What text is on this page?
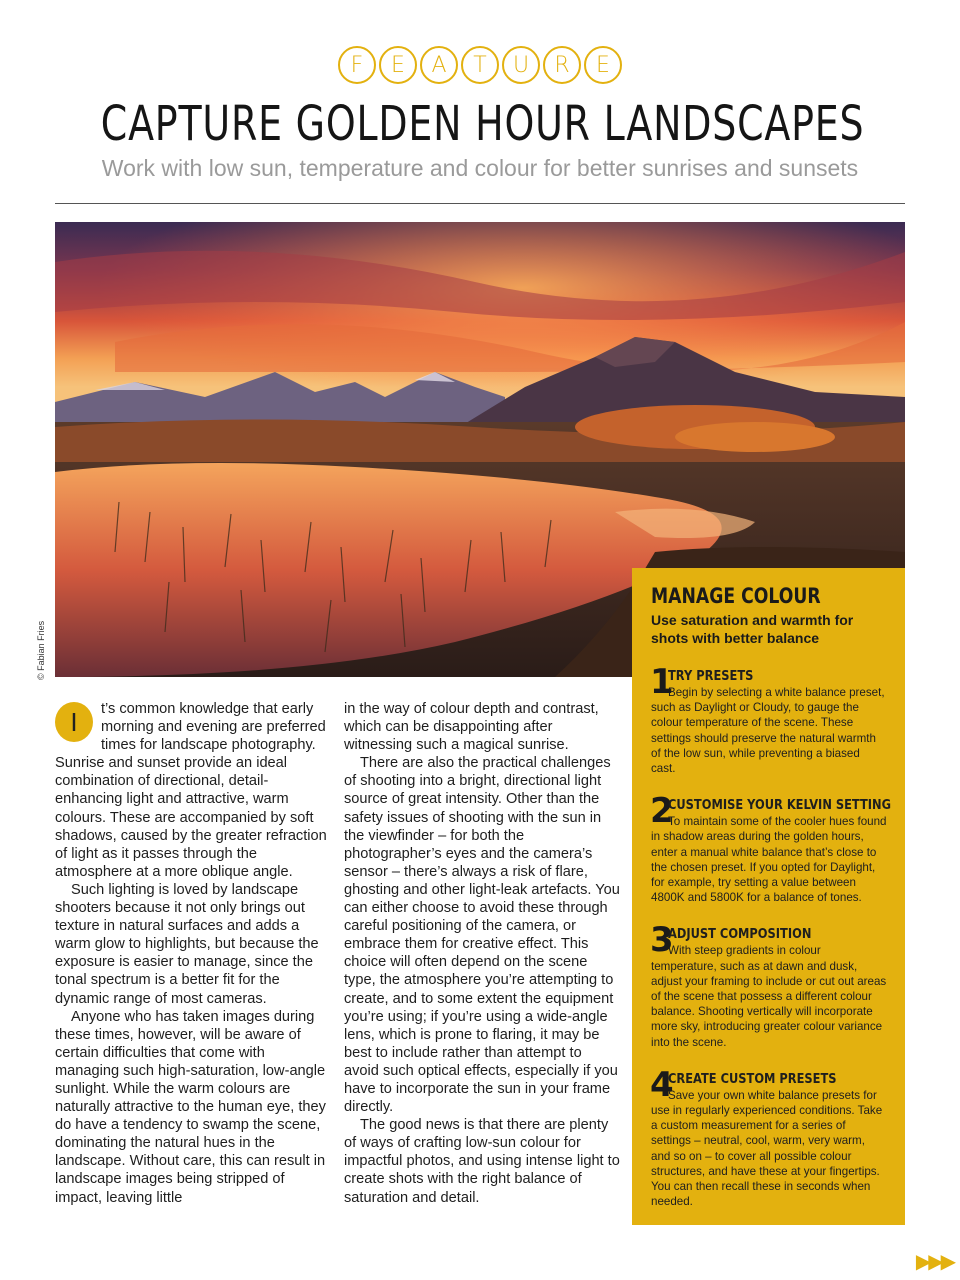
F	E	A	T	U	R	E
CAPTURE GOLDEN HOUR LANDSCAPES

Work with low sun, temperature and colour for better sunrises and sunsets

© Fabian Fries
I	t’s common knowledge that early morning and evening are preferred times for landscape photography. Sunrise and sunset provide an ideal combination of directional, detail-enhancing light and attractive, warm colours. These are accompanied by soft shadows, caused by the greater refraction of light as it passes through the atmosphere at a more oblique angle.

Such lighting is loved by landscape shooters because it not only brings out texture in natural surfaces and adds a warm glow to highlights, but because the exposure is easier to manage, since the tonal spectrum is a better fit for the dynamic range of most cameras.

Anyone who has taken images during these times, however, will be aware of certain difficulties that come with managing such high-saturation, low-angle sunlight. While the warm colours are naturally attractive to the human eye, they do have a tendency to swamp the scene, dominating the natural hues in the landscape. Without care, this can result in landscape images being stripped of impact, leaving little

in the way of colour depth and contrast, which can be disappointing after witnessing such a magical sunrise.

There are also the practical challenges of shooting into a bright, directional light source of great intensity. Other than the safety issues of shooting with the sun in the viewfinder – for both the photographer’s eyes and the camera’s sensor – there’s always a risk of flare, ghosting and other light-leak artefacts. You can either choose to avoid these through careful positioning of the camera, or embrace them for creative effect. This choice will often depend on the scene type, the atmosphere you’re attempting to create, and to some extent the equipment you’re using; if you’re using a wide-angle lens, which is prone to flaring, it may be best to include rather than attempt to avoid such optical effects, especially if you have to incorporate the sun in your frame directly.

The good news is that there are plenty of ways of crafting low-sun colour for impactful photos, and using intense light to create shots with the right balance of saturation and detail.

MANAGE COLOUR

Use saturation and warmth for shots with better balance

1

TRY PRESETS

Begin by selecting a white balance preset, such as Daylight or Cloudy, to gauge the colour temperature of the scene. These settings should preserve the natural warmth of the low sun, while preventing a biased cast.

2

CUSTOMISE YOUR KELVIN SETTING

To maintain some of the cooler hues found in shadow areas during the golden hours, enter a manual white balance that’s close to the chosen preset. If you opted for Daylight, for example, try setting a value between 4800K and 5800K for a balance of tones.

3

ADJUST COMPOSITION

With steep gradients in colour temperature, such as at dawn and dusk, adjust your framing to include or cut out areas of the scene that possess a different colour balance. Shooting vertically will incorporate more sky, introducing greater colour variance into the scene.

4

CREATE CUSTOM PRESETS

Save your own white balance presets for use in regularly experienced conditions. Take a custom measurement for a series of settings – neutral, cool, warm, very warm, and so on – to cover all possible colour structures, and have these at your fingertips. You can then recall these in seconds when needed.

▶
▶
▶
